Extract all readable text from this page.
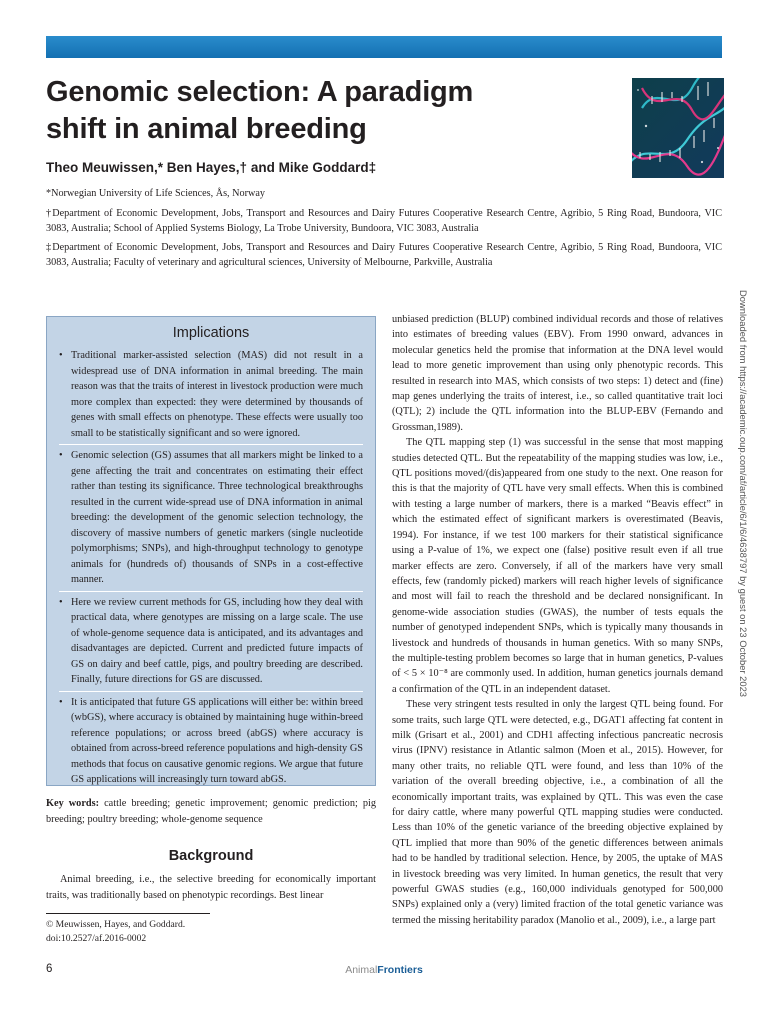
Genomic selection: A paradigm
shift in animal breeding
Theo Meuwissen,* Ben Hayes,† and Mike Goddard‡

*Norwegian University of Life Sciences, Ås, Norway

†Department of Economic Development, Jobs, Transport and Resources and Dairy Futures Cooperative Research Centre, Agribio, 5 Ring Road, Bundoora, VIC 3083, Australia; School of Applied Systems Biology, La Trobe University, Bundoora, VIC 3083, Australia

‡Department of Economic Development, Jobs, Transport and Resources and Dairy Futures Cooperative Research Centre, Agribio, 5 Ring Road, Bundoora, VIC 3083, Australia; Faculty of veterinary and agricultural sciences, University of Melbourne, Parkville, Australia

Downloaded from https://academic.oup.com/af/article/6/1/6/4638797 by guest on 23 October 2023
Implications
• Traditional marker-assisted selection (MAS) did not result in a widespread use of DNA information in animal breeding. The main reason was that the traits of interest in livestock production were much more complex than expected: they were determined by thousands of genes with small effects on phenotype. These effects were usually too small to be statistically significant and so were ignored.
• Genomic selection (GS) assumes that all markers might be linked to a gene affecting the trait and concentrates on estimating their effect rather than testing its significance. Three technological breakthroughs resulted in the current wide-spread use of DNA information in animal breeding: the development of the genomic selection technology, the discovery of massive numbers of genetic markers (single nucleotide polymorphisms; SNPs), and high-throughput technology to genotype animals for (hundreds of) thousands of SNPs in a cost-effective manner.
• Here we review current methods for GS, including how they deal with practical data, where genotypes are missing on a large scale. The use of whole-genome sequence data is anticipated, and its advantages and disadvantages are depicted. Current and predicted future impacts of GS on dairy and beef cattle, pigs, and poultry breeding are described. Finally, future directions for GS are discussed.
• It is anticipated that future GS applications will either be: within breed (wbGS), where accuracy is obtained by maintaining huge within-breed reference populations; or across breed (abGS) where accuracy is obtained from across-breed reference populations and high-density GS methods that focus on causative genomic regions. We argue that future GS applications will increasingly turn toward abGS.

Key words: cattle breeding; genetic improvement; genomic prediction; pig breeding; poultry breeding; whole-genome sequence

Background

Animal breeding, i.e., the selective breeding for economically important traits, was traditionally based on phenotypic recordings. Best linear

© Meuwissen, Hayes, and Goddard.
doi:10.2527/af.2016-0002

unbiased prediction (BLUP) combined individual records and those of relatives into estimates of breeding values (EBV). From 1990 onward, advances in molecular genetics held the promise that information at the DNA level would lead to more genetic improvement than using only phenotypic records. This resulted in research into MAS, which consists of two steps: 1) detect and (fine) map genes underlying the traits of interest, i.e., so called quantitative trait loci (QTL); 2) include the QTL information into the BLUP-EBV (Fernando and Grossman,1989).

The QTL mapping step (1) was successful in the sense that most mapping studies detected QTL. But the repeatability of the mapping studies was low, i.e., QTL positions moved/(dis)appeared from one study to the next. One reason for this is that the majority of QTL have very small effects. When this is combined with testing a large number of markers, there is a marked “Beavis effect” in which the estimated effect of significant markers is overestimated (Beavis, 1994). For instance, if we test 100 markers for their statistical significance using a P-value of 1%, we expect one (false) positive result even if all true marker effects are zero. Conversely, if all of the markers have very small effects, few (randomly picked) markers will reach higher levels of significance and most will fail to reach the threshold and be declared nonsignificant. In genome-wide association studies (GWAS), the number of tests equals the number of genotyped independent SNPs, which is typically many thousands in livestock and hundreds of thousands in human genetics. With so many SNPs, the multiple-testing problem becomes so large that in human genetics, P-values of < 5 × 10⁻⁸ are commonly used. In addition, human genetics journals demand a confirmation of the QTL in an independent dataset.

These very stringent tests resulted in only the largest QTL being found. For some traits, such large QTL were detected, e.g., DGAT1 affecting fat content in milk (Grisart et al., 2001) and CDH1 affecting infectious pancreatic necrosis virus (IPNV) resistance in Atlantic salmon (Moen et al., 2015). However, for many other traits, no reliable QTL were found, and less than 10% of the variation of the overall breeding objective, i.e., a combination of all the economically important traits, was explained by QTL. This was even the case for dairy cattle, where many powerful QTL mapping studies were conducted. Less than 10% of the genetic variance of the breeding objective explained by QTL implied that more than 90% of the genetic differences between animals had to be handled by traditional selection. Hence, by 2005, the uptake of MAS in livestock breeding was very limited. In human genetics, the result that very powerful GWAS studies (e.g., 160,000 individuals genotyped for 500,000 SNPs) explained only a (very) limited fraction of the total genetic variance was termed the missing heritability paradox (Manolio et al., 2009), i.e., a large part

6	AnimalFrontiers
